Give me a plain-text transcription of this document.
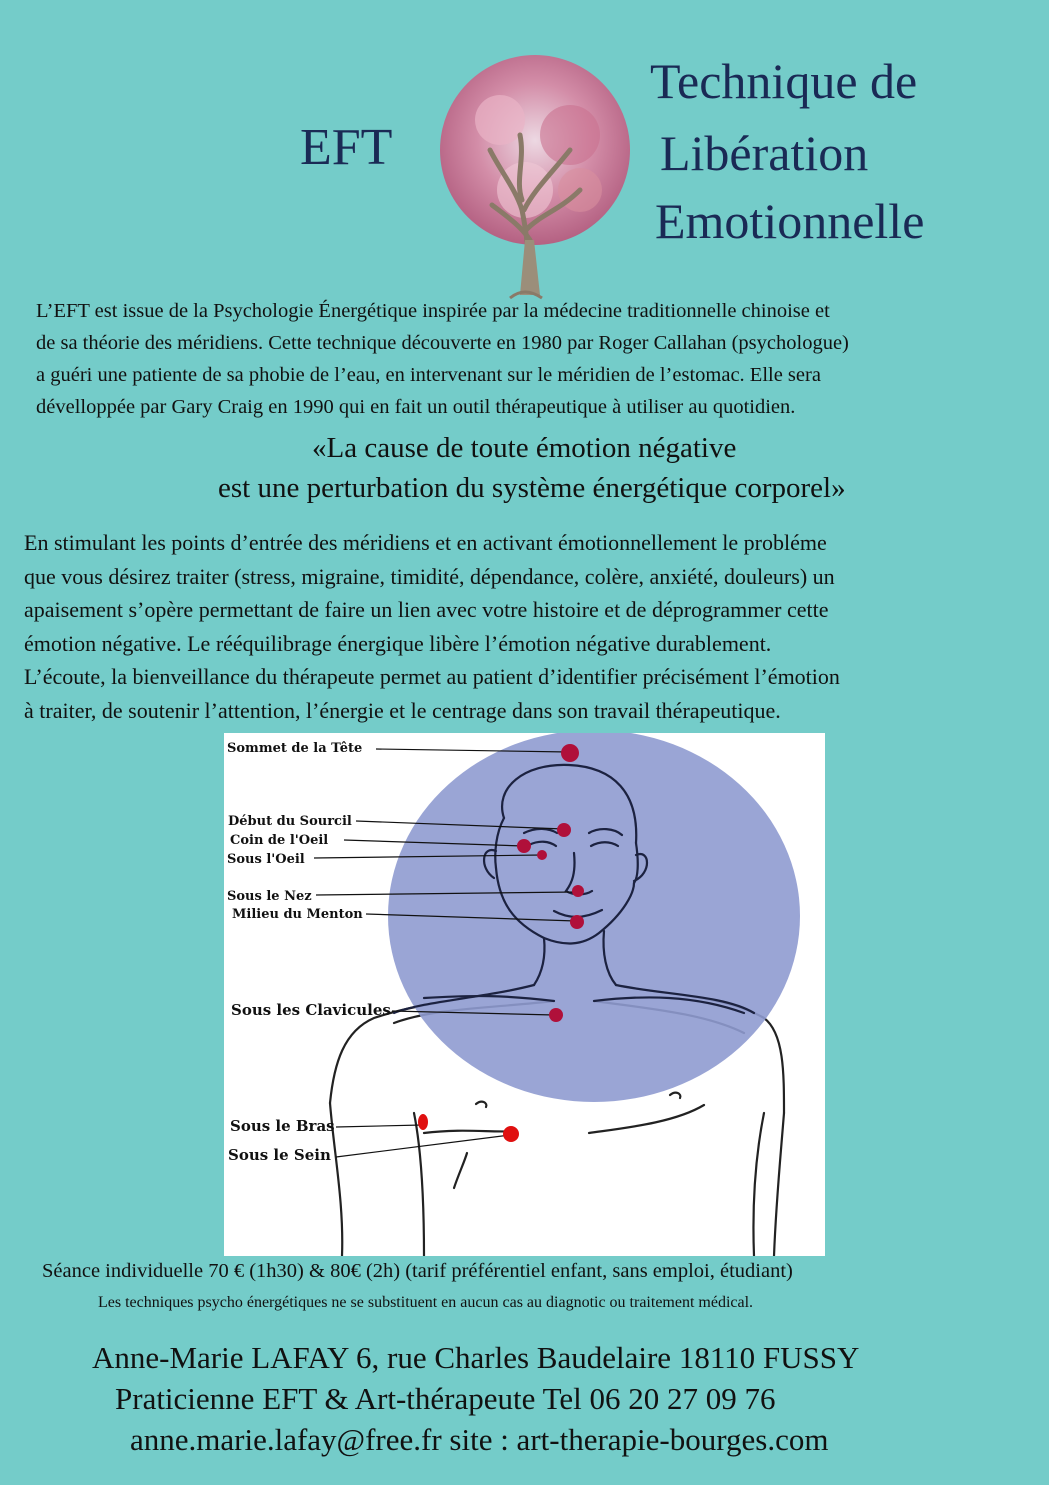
EFT
Technique de
Libération
Emotionnelle
L’EFT est issue de la Psychologie Énergétique inspirée par la médecine traditionnelle chinoise et
de sa théorie des méridiens. Cette technique découverte en 1980 par Roger Callahan (psychologue)
a guéri une patiente de sa phobie de l’eau, en intervenant sur le méridien de l’estomac. Elle sera
dévelloppée par Gary Craig en 1990 qui en fait un outil thérapeutique à utiliser au quotidien.
«La cause de toute émotion négative
est une perturbation du système énergétique corporel»
En stimulant les points d’entrée des méridiens et en activant émotionnellement le probléme
que vous désirez traiter (stress, migraine, timidité, dépendance, colère, anxiété, douleurs) un
apaisement s’opère permettant de faire un lien avec votre histoire et de déprogrammer cette
émotion négative. Le rééquilibrage énergique libère l’émotion négative durablement.
L’écoute, la bienveillance du thérapeute permet au patient d’identifier précisément l’émotion
à traiter, de soutenir l’attention, l’énergie et le centrage dans son travail thérapeutique.
Sommet de la Tête
Début du Sourcil
Coin de l'Oeil
Sous l'Oeil
Sous le Nez
Milieu du Menton
Sous les Clavicules
Sous le Bras
Sous le Sein
Séance individuelle 70 € (1h30) & 80€ (2h) (tarif préférentiel enfant, sans emploi, étudiant)
Les techniques psycho énergétiques ne se substituent en aucun cas au diagnotic ou traitement médical.
Anne-Marie LAFAY 6, rue Charles Baudelaire 18110 FUSSY
Praticienne EFT & Art-thérapeute Tel 06 20 27 09 76
anne.marie.lafay@free.fr site : art-therapie-bourges.com
